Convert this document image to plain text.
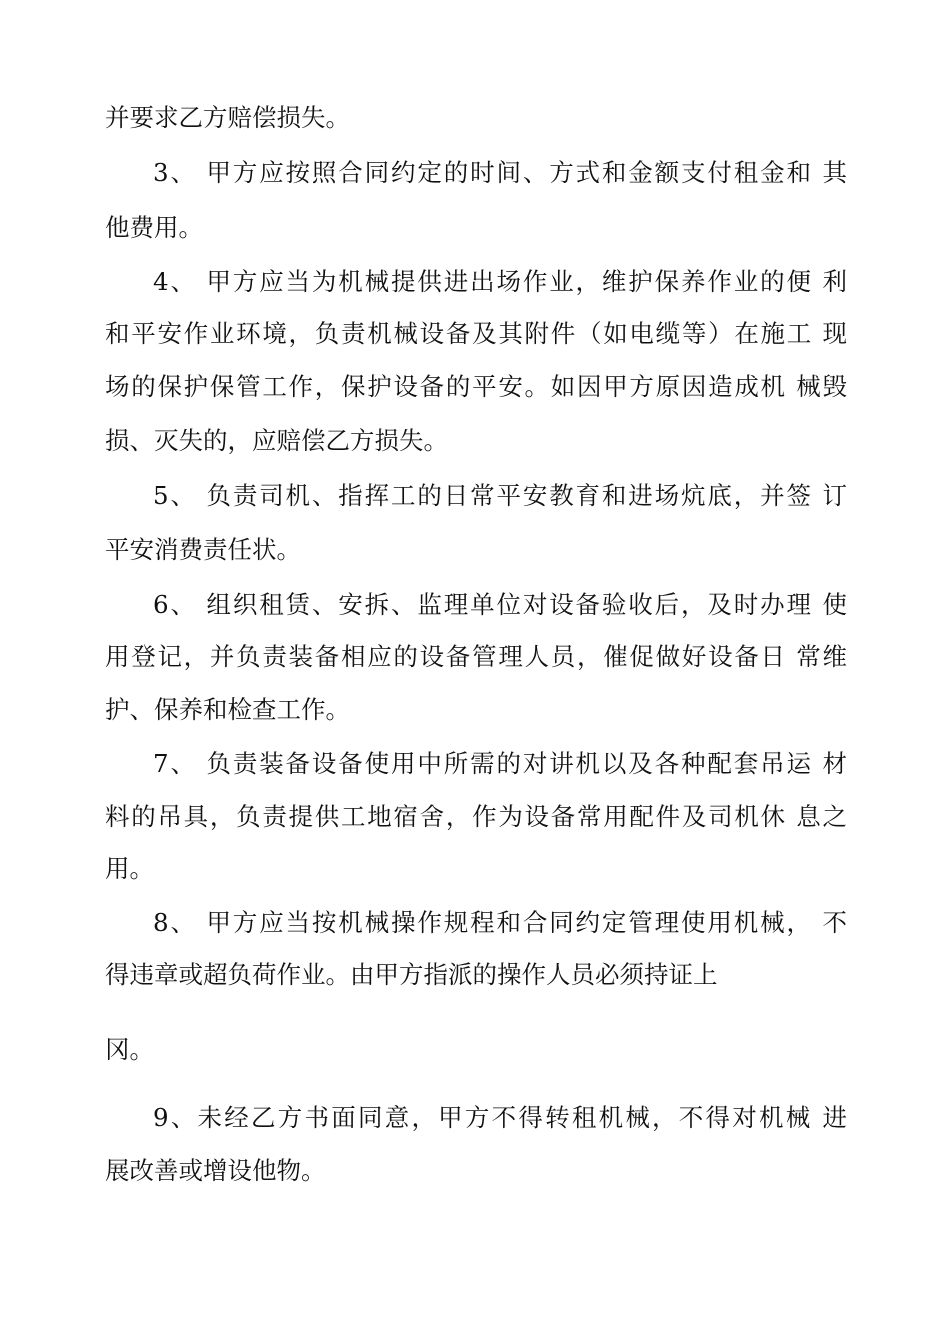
并要求乙方赔偿损失。
3、 甲方应按照合同约定的时间、方式和金额支付租金和 其
他费用。
4、 甲方应当为机械提供进出场作业，维护保养作业的便 利
和平安作业环境，负责机械设备及其附件（如电缆等）在施工 现
场的保护保管工作，保护设备的平安。如因甲方原因造成机 械毁
损、灭失的，应赔偿乙方损失。
5、 负责司机、指挥工的日常平安教育和进场炕底，并签 订
平安消费责任状。
6、 组织租赁、安拆、监理单位对设备验收后，及时办理 使
用登记，并负责装备相应的设备管理人员，催促做好设备日 常维
护、保养和检查工作。
7、 负责装备设备使用中所需的对讲机以及各种配套吊运 材
料的吊具，负责提供工地宿舍，作为设备常用配件及司机休 息之
用。
8、 甲方应当按机械操作规程和合同约定管理使用机械， 不
得违章或超负荷作业。由甲方指派的操作人员必须持证上
冈。
9、未经乙方书面同意，甲方不得转租机械，不得对机械 进
展改善或增设他物。
